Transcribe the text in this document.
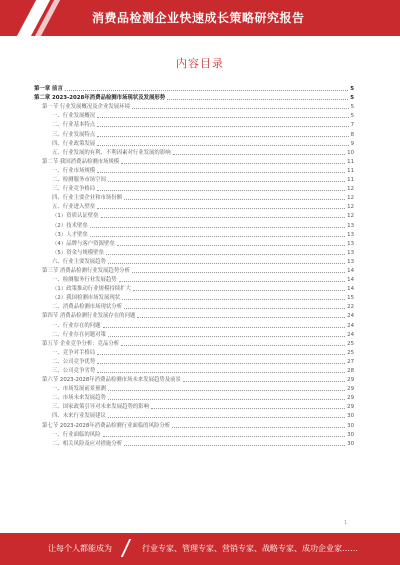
消费品检测企业快速成长策略研究报告
内容目录
第一章 前言	5
第二章 2023-2028年消费品检测市场现状及发展形势	5
第一节 行业发展概况及企业发展环境	5
一、行业发展概况	5
二、行业基本特点	7
三、行业发展特点	8
四、行业政策发展	9
五、行业发展的有利、不利因素对行业发展的影响	10
第二节 我国消费品检测市场规模	11
一、行业市场规模	11
二、检测服务市场空间	11
三、行业竞争格局	12
四、行业主要企业和市场份额	12
五、行业进入壁垒	12
（1）资质认证壁垒	12
（2）技术壁垒	13
（3）人才壁垒	13
（4）品牌与客户资源壁垒	13
（5）资金与规模壁垒	13
六、行业主要发展趋势	13
第三节 消费品检测行业发展趋势分析	14
一、检测服务行业发展趋势	14
（1）政策推动行业规模持续扩大	14
（2）我国检测市场发展现状	15
二、消费品检测市场现状分析	22
第四节 消费品检测行业发展存在的问题	24
一、行业存在的问题	24
二、行业存在问题对策	24
第五节 企业竞争分析：竞品分析	25
一、竞争对手格局	25
二、公司竞争优势	27
三、公司竞争劣势	28
第六节 2023-2028年消费品检测市场未来发展趋势及前景	29
一、市场发展前景预测	29
二、市场未来发展趋势	29
三、国家政策引导对未来发展趋势的影响	29
四、未来行业发展建议	30
第七节 2023-2028年消费品检测行业面临的风险分析	30
一、行业面临的风险	30
二、相关风险及应对措施分析	30
1
让每个人都能成为	行业专家、管理专家、营销专家、战略专家、成功企业家……
